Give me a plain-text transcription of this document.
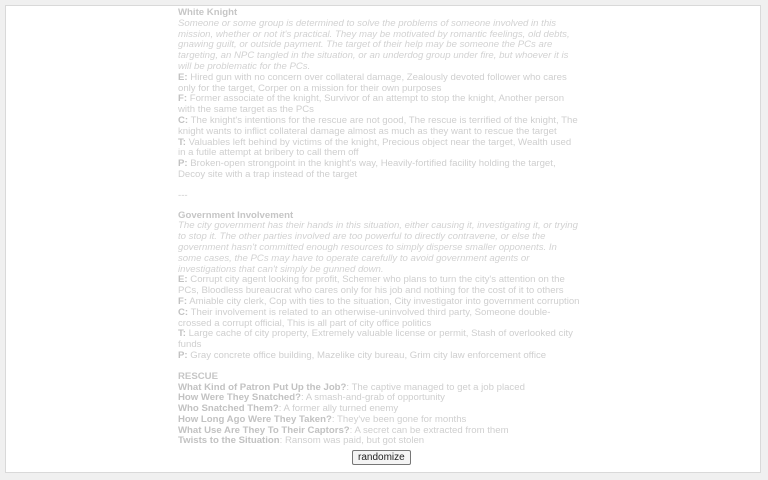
White Knight
Someone or some group is determined to solve the problems of someone involved in this mission, whether or not it's practical. They may be motivated by romantic feelings, old debts, gnawing guilt, or outside payment. The target of their help may be someone the PCs are targeting, an NPC tangled in the situation, or an underdog group under fire, but whoever it is will be problematic for the PCs.
E: Hired gun with no concern over collateral damage, Zealously devoted follower who cares only for the target, Corper on a mission for their own purposes
F: Former associate of the knight, Survivor of an attempt to stop the knight, Another person with the same target as the PCs
C: The knight's intentions for the rescue are not good, The rescue is terrified of the knight, The knight wants to inflict collateral damage almost as much as they want to rescue the target
T: Valuables left behind by victims of the knight, Precious object near the target, Wealth used in a futile attempt at bribery to call them off
P: Broken-open strongpoint in the knight's way, Heavily-fortified facility holding the target, Decoy site with a trap instead of the target
---
Government Involvement
The city government has their hands in this situation, either causing it, investigating it, or trying to stop it. The other parties involved are too powerful to directly contravene, or else the government hasn't committed enough resources to simply disperse smaller opponents. In some cases, the PCs may have to operate carefully to avoid government agents or investigations that can't simply be gunned down.
E: Corrupt city agent looking for profit, Schemer who plans to turn the city's attention on the PCs, Bloodless bureaucrat who cares only for his job and nothing for the cost of it to others
F: Amiable city clerk, Cop with ties to the situation, City investigator into government corruption
C: Their involvement is related to an otherwise-uninvolved third party, Someone double-crossed a corrupt official, This is all part of city office politics
T: Large cache of city property, Extremely valuable license or permit, Stash of overlooked city funds
P: Gray concrete office building, Mazelike city bureau, Grim city law enforcement office
RESCUE
What Kind of Patron Put Up the Job?: The captive managed to get a job placed
How Were They Snatched?: A smash-and-grab of opportunity
Who Snatched Them?: A former ally turned enemy
How Long Ago Were They Taken?: They've been gone for months
What Use Are They To Their Captors?: A secret can be extracted from them
Twists to the Situation: Ransom was paid, but got stolen
randomize
